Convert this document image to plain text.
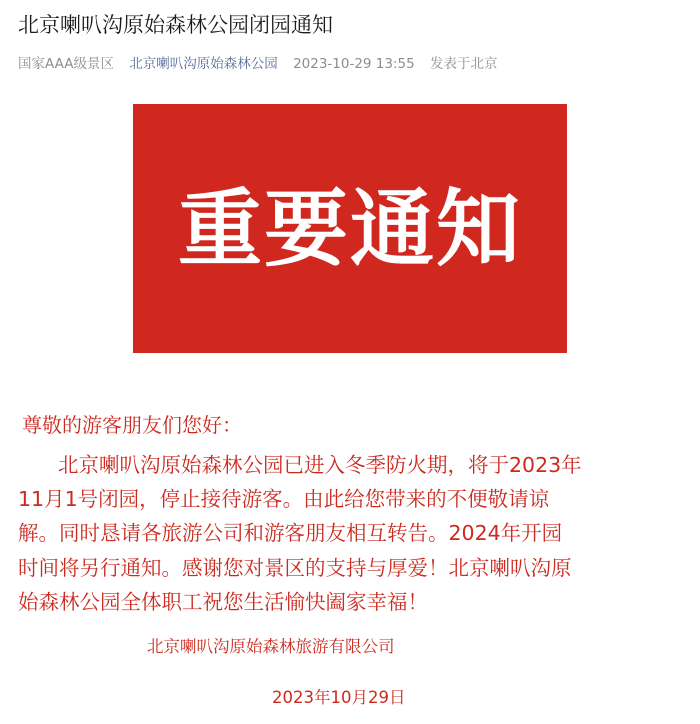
北京喇叭沟原始森林公园闭园通知
国家AAA级景区 北京喇叭沟原始森林公园 2023-10-29 13:55 发表于北京
重要通知
尊敬的游客朋友们您好：
北京喇叭沟原始森林公园已进入冬季防火期，将于2023年
11月1号闭园，停止接待游客。由此给您带来的不便敬请谅
解。同时恳请各旅游公司和游客朋友相互转告。2024年开园
时间将另行通知。感谢您对景区的支持与厚爱！北京喇叭沟原
始森林公园全体职工祝您生活愉快阖家幸福！
北京喇叭沟原始森林旅游有限公司
2023年10月29日
